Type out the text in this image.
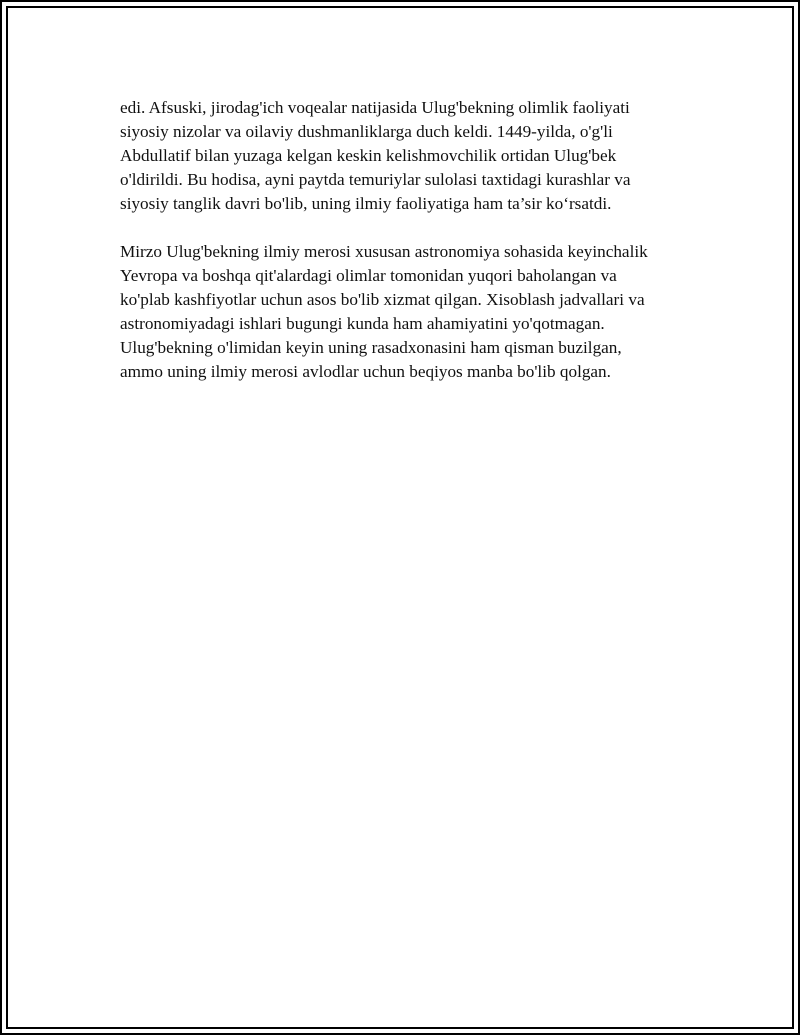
edi. Afsuski, jirodag'ich voqealar natijasida Ulug'bekning olimlik faoliyati
siyosiy nizolar va oilaviy dushmanliklarga duch keldi. 1449-yilda, o'g'li
Abdullatif bilan yuzaga kelgan keskin kelishmovchilik ortidan Ulug'bek
o'ldirildi. Bu hodisa, ayni paytda temuriylar sulolasi taxtidagi kurashlar va
siyosiy tanglik davri bo'lib, uning ilmiy faoliyatiga ham ta’sir ko‘rsatdi.

Mirzo Ulug'bekning ilmiy merosi xususan astronomiya sohasida keyinchalik
Yevropa va boshqa qit'alardagi olimlar tomonidan yuqori baholangan va
ko'plab kashfiyotlar uchun asos bo'lib xizmat qilgan. Xisoblash jadvallari va
astronomiyadagi ishlari bugungi kunda ham ahamiyatini yo'qotmagan.
Ulug'bekning o'limidan keyin uning rasadxonasini ham qisman buzilgan,
ammo uning ilmiy merosi avlodlar uchun beqiyos manba bo'lib qolgan.
